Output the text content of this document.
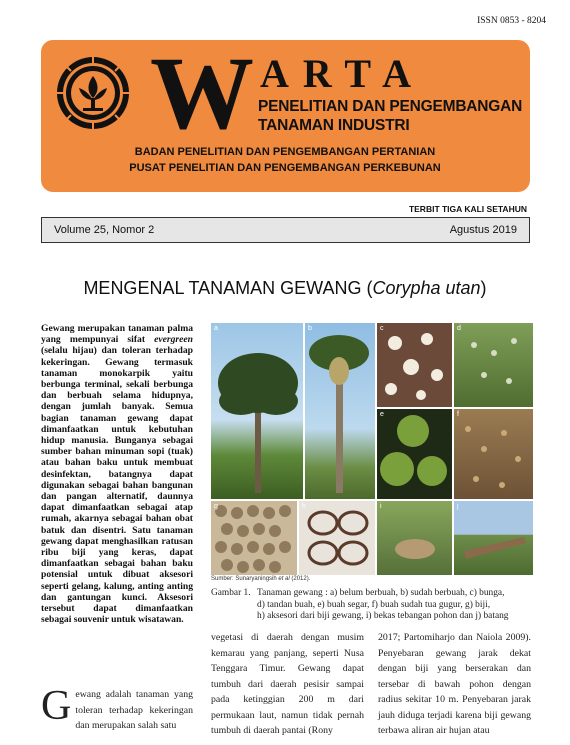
ISSN 0853 - 8204
W ARTA
PENELITIAN DAN PENGEMBANGAN
TANAMAN INDUSTRI
BADAN PENELITIAN DAN PENGEMBANGAN PERTANIAN
PUSAT PENELITIAN DAN PENGEMBANGAN PERKEBUNAN
TERBIT TIGA KALI SETAHUN
Volume 25, Nomor 2	Agustus 2019
MENGENAL TANAMAN GEWANG (Corypha utan)
Gewang merupakan tanaman palma yang mempunyai sifat evergreen (selalu hijau) dan toleran terhadap kekeringan. Gewang termasuk tanaman monokarpik yaitu berbunga terminal, sekali berbunga dan berbuah selama hidupnya, dengan jumlah banyak. Semua bagian tanaman gewang dapat dimanfaatkan untuk kebutuhan hidup manusia. Bunganya sebagai sumber bahan minuman sopi (tuak) atau bahan baku untuk membuat desinfektan, batangnya dapat digunakan sebagai bahan bangunan dan pangan alternatif, daunnya dapat dimanfaatkan sebagai atap rumah, akarnya sebagai bahan obat batuk dan disentri. Satu tanaman gewang dapat menghasilkan ratusan ribu biji yang keras, dapat dimanfaatkan sebagai bahan baku potensial untuk dibuat aksesori seperti gelang, kalung, anting anting dan gantungan kunci. Aksesori tersebut dapat dimanfaatkan sebagai souvenir untuk wisatawan.
a	b	c	d
e	f
g	h	i	j
Sumber: Sunaryaningsih et al (2012).
Gambar 1. Tanaman gewang : a) belum berbuah, b) sudah berbuah, c) bunga,
d) tandan buah, e) buah segar, f) buah sudah tua gugur, g) biji,
h) aksesori dari biji gewang, i) bekas tebangan pohon dan j) batang
Gewang adalah tanaman yang toleran terhadap kekeringan dan merupakan salah satu
vegetasi di daerah dengan musim kemarau yang panjang, seperti Nusa Tenggara Timur. Gewang dapat tumbuh dari daerah pesisir sampai pada ketinggian 200 m dari permukaan laut, namun tidak pernah tumbuh di daerah pantai (Rony
2017; Partomiharjo dan Naiola 2009). Penyebaran gewang jarak dekat dengan biji yang berserakan dan tersebar di bawah pohon dengan radius sekitar 10 m. Penyebaran jarak jauh diduga terjadi karena biji gewang terbawa aliran air hujan atau
